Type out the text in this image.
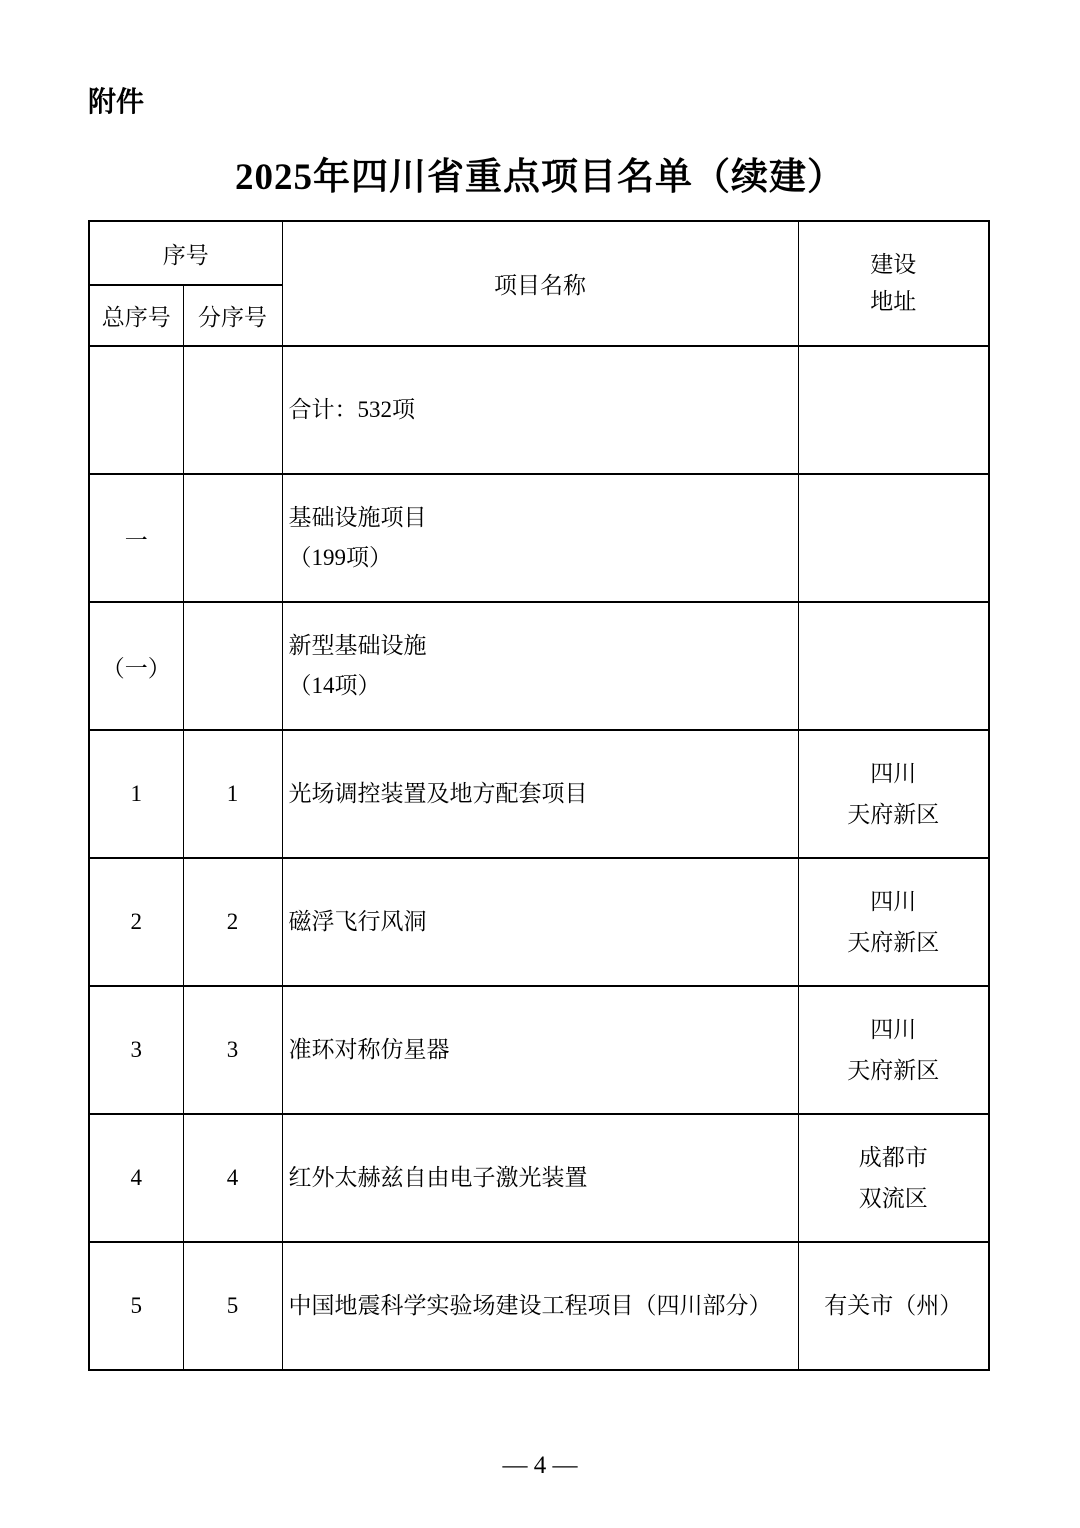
附件
2025年四川省重点项目名单（续建）
序号		项目名称	建设
地址

总序号	分序号		

		合计：532项	

一		基础设施项目
（199项）	

（一）		新型基础设施
（14项）	

1	1	光场调控装置及地方配套项目	四川
天府新区

2	2	磁浮飞行风洞	四川
天府新区

3	3	准环对称仿星器	四川
天府新区

4	4	红外太赫兹自由电子激光装置	成都市
双流区

5	5	中国地震科学实验场建设工程项目（四川部分）	有关市（州）
— 4 —
